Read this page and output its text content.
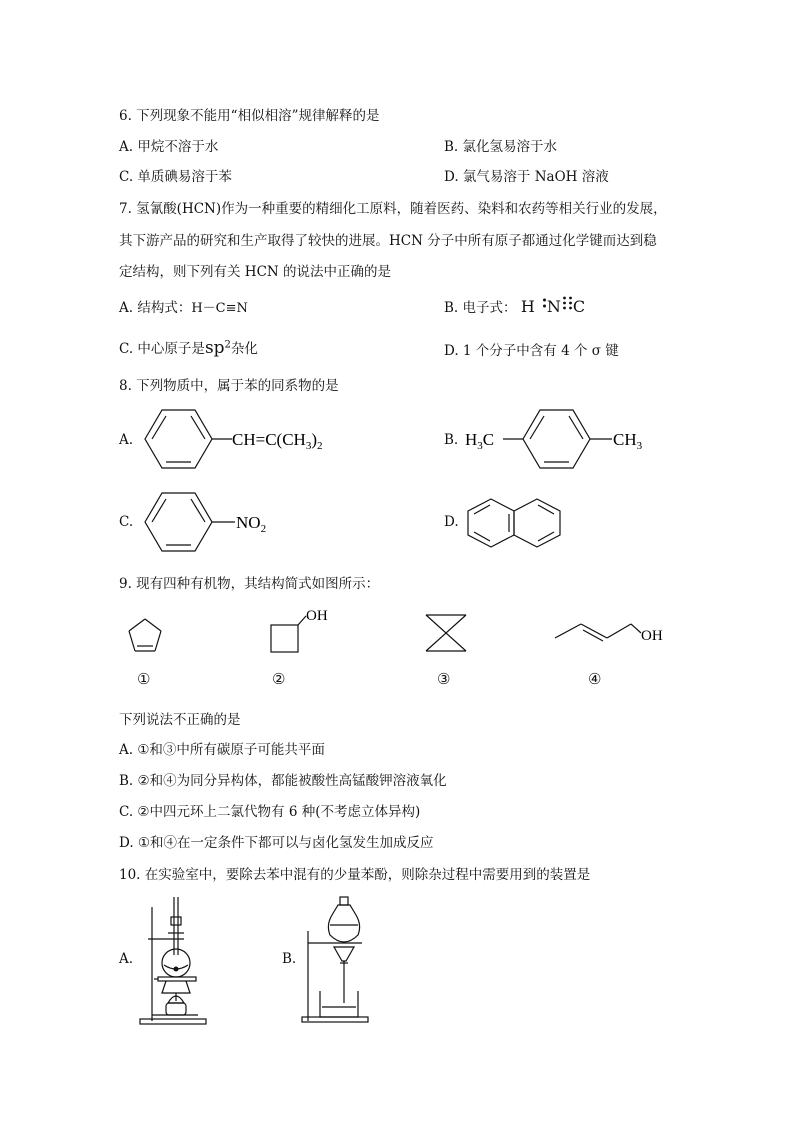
6. 下列现象不能用“相似相溶”规律解释的是
A. 甲烷不溶于水	B. 氯化氢易溶于水
C. 单质碘易溶于苯	D. 氯气易溶于 NaOH 溶液
7. 氢氰酸(HCN)作为一种重要的精细化工原料，随着医药、染料和农药等相关行业的发展，
其下游产品的研究和生产取得了较快的进展。HCN 分子中所有原子都通过化学键而达到稳
定结构，则下列有关 HCN 的说法中正确的是
A. 结构式：H－C≡N	B. 电子式： H N C
C. 中心原子是$sp^2$杂化	D. 1 个分子中含有 4 个 σ 键
8. 下列物质中，属于苯的同系物的是
A.	$CH=C(CH_3)_2$	B. $H_3C$	$CH_3$
C.	$NO_2$	D.
9. 现有四种有机物，其结构简式如图所示：
.	OH
OH
①	②	③	④
下列说法不正确的是
A. ①和③中所有碳原子可能共平面
B. ②和④为同分异构体，都能被酸性高锰酸钾溶液氧化
C. ②中四元环上二氯代物有 6 种(不考虑立体异构)
D. ①和④在一定条件下都可以与卤化氢发生加成反应
10. 在实验室中，要除去苯中混有的少量苯酚，则除杂过程中需要用到的装置是
A.	B.
